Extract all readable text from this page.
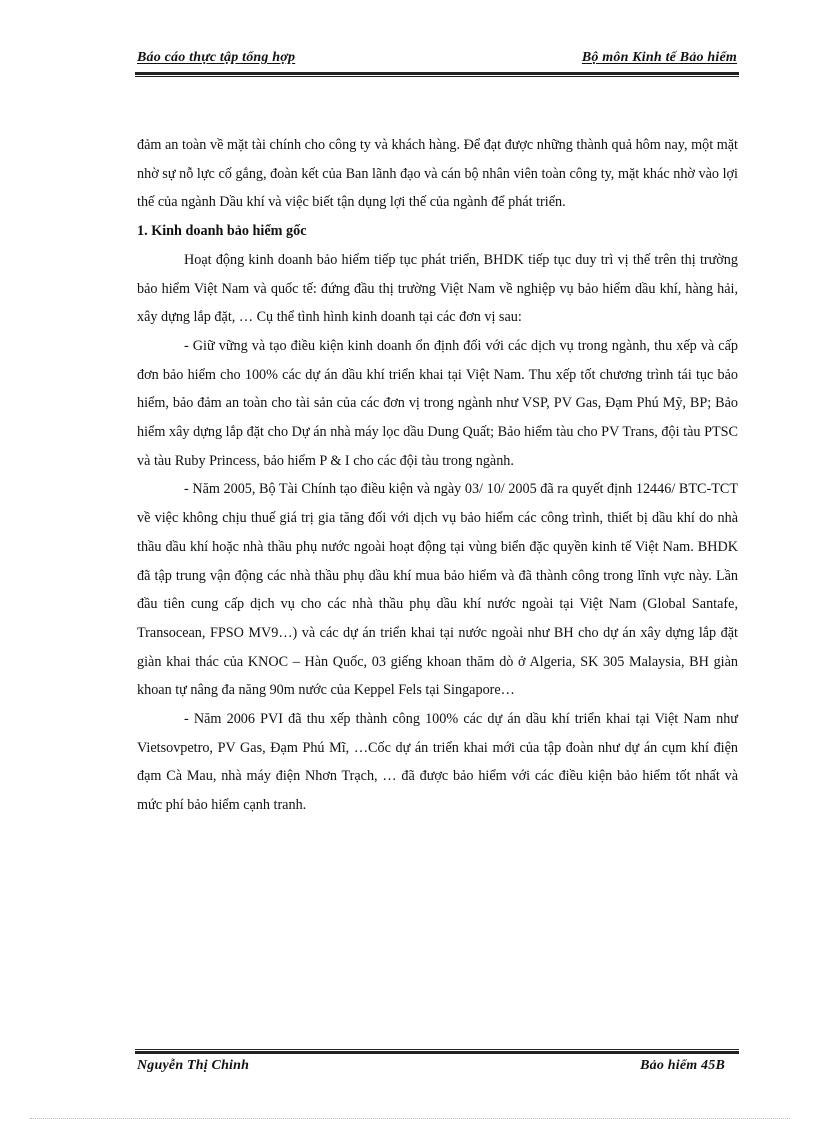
Báo cáo thực tập tổng hợp	Bộ môn Kinh tế Bảo hiểm

đảm an toàn về mặt tài chính cho công ty và khách hàng. Để đạt được những thành quả hôm nay, một mặt nhờ sự nỗ lực cố gắng, đoàn kết của Ban lãnh đạo và cán bộ nhân viên toàn công ty, mặt khác nhờ vào lợi thế của ngành Dầu khí và việc biết tận dụng lợi thế của ngành để phát triển.

1. Kinh doanh bảo hiểm gốc

Hoạt động kinh doanh bảo hiểm tiếp tục phát triển, BHDK tiếp tục duy trì vị thế trên thị trường bảo hiểm Việt Nam và quốc tế: đứng đầu thị trường Việt Nam về nghiệp vụ bảo hiểm dầu khí, hàng hải, xây dựng lắp đặt, … Cụ thể tình hình kinh doanh tại các đơn vị sau:

- Giữ vững và tạo điều kiện kinh doanh ổn định đối với các dịch vụ trong ngành, thu xếp và cấp đơn bảo hiểm cho 100% các dự án dầu khí triển khai tại Việt Nam. Thu xếp tốt chương trình tái tục bảo hiểm, bảo đảm an toàn cho tài sản của các đơn vị trong ngành như VSP, PV Gas, Đạm Phú Mỹ, BP; Bảo hiểm xây dựng lắp đặt cho Dự án nhà máy lọc dầu Dung Quất; Bảo hiểm tàu cho PV Trans, đội tàu PTSC và tàu Ruby Princess, bảo hiểm P & I cho các đội tàu trong ngành.

- Năm 2005, Bộ Tài Chính tạo điều kiện và ngày 03/ 10/ 2005 đã ra quyết định 12446/ BTC-TCT về việc không chịu thuế giá trị gia tăng đối với dịch vụ bảo hiểm các công trình, thiết bị dầu khí do nhà thầu dầu khí hoặc nhà thầu phụ nước ngoài hoạt động tại vùng biển đặc quyền kinh tế Việt Nam. BHDK đã tập trung vận động các nhà thầu phụ dầu khí mua bảo hiểm và đã thành công trong lĩnh vực này. Lần đầu tiên cung cấp dịch vụ cho các nhà thầu phụ dầu khí nước ngoài tại Việt Nam (Global Santafe, Transocean, FPSO MV9…) và các dự án triển khai tại nước ngoài như BH cho dự án xây dựng lắp đặt giàn khai thác của KNOC – Hàn Quốc, 03 giếng khoan thăm dò ở Algeria, SK 305 Malaysia, BH giàn khoan tự nâng đa năng 90m nước của Keppel Fels tại Singapore…

- Năm 2006 PVI đã thu xếp thành công 100% các dự án dầu khí triển khai tại Việt Nam như Vietsovpetro, PV Gas, Đạm Phú Mĩ, …Cốc dự án triển khai mới của tập đoàn như dự án cụm khí điện đạm Cà Mau, nhà máy điện Nhơn Trạch, … đã được bảo hiểm với các điều kiện bảo hiểm tốt nhất và mức phí bảo hiểm cạnh tranh.

Nguyễn Thị Chinh	Bảo hiểm 45B
